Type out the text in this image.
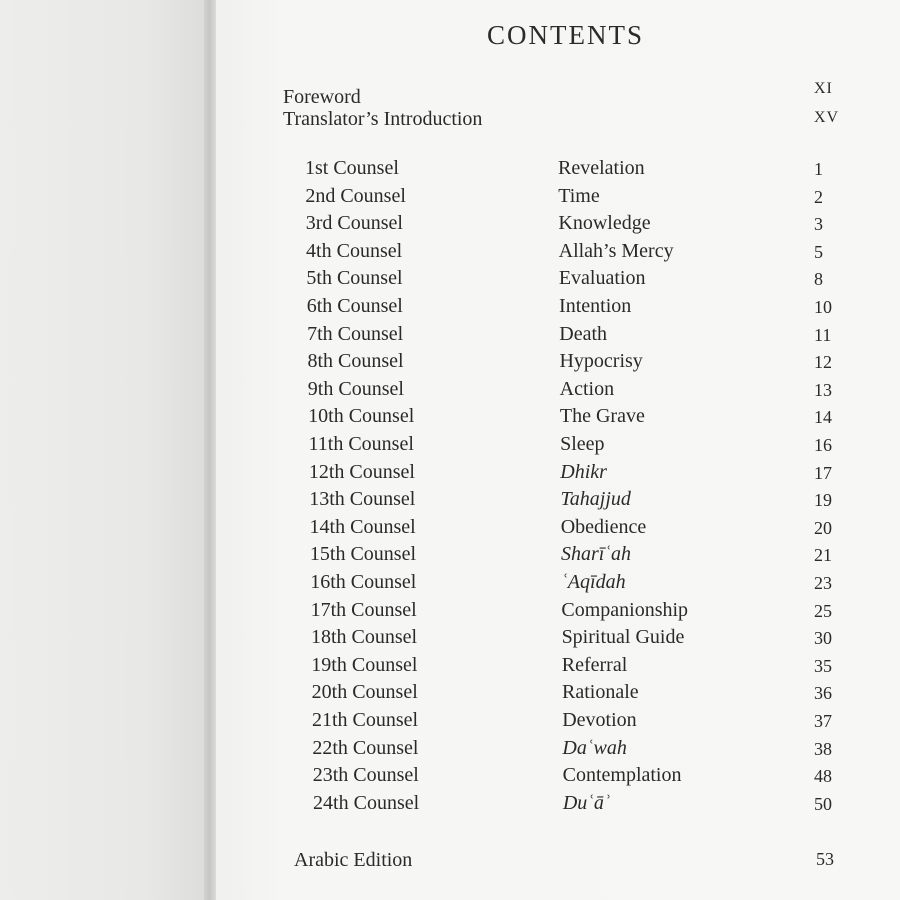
CONTENTS
Foreword	XI
Translator’s Introduction	XV
1st Counsel	Revelation	1
2nd Counsel	Time	2
3rd Counsel	Knowledge	3
4th Counsel	Allah’s Mercy	5
5th Counsel	Evaluation	8
6th Counsel	Intention	10
7th Counsel	Death	11
8th Counsel	Hypocrisy	12
9th Counsel	Action	13
10th Counsel	The Grave	14
11th Counsel	Sleep	16
12th Counsel	Dhikr	17
13th Counsel	Tahajjud	19
14th Counsel	Obedience	20
15th Counsel	Sharīʿah	21
16th Counsel	ʿAqīdah	23
17th Counsel	Companionship	25
18th Counsel	Spiritual Guide	30
19th Counsel	Referral	35
20th Counsel	Rationale	36
21th Counsel	Devotion	37
22th Counsel	Daʿwah	38
23th Counsel	Contemplation	48
24th Counsel	Duʿāʾ	50
Arabic Edition	53
